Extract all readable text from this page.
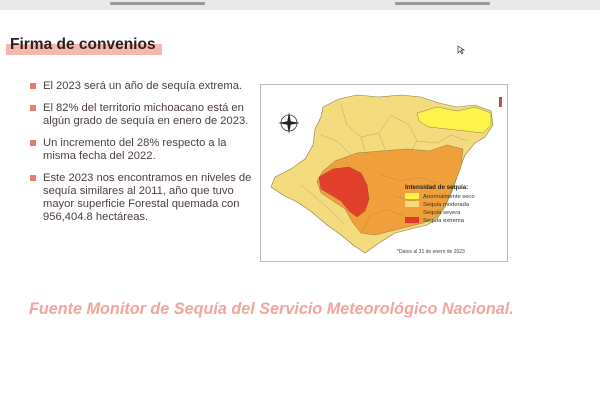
Firma de convenios
El 2023 será un año de sequía extrema.
El 82% del territorio michoacano está en algún grado de sequía en enero de 2023.
Un incremento del 28% respecto a la misma fecha del 2022.
Este 2023 nos encontramos en niveles de sequía similares al 2011, año que tuvo mayor superficie Forestal quemada con 956,404.8 hectáreas.
Intensidad de sequía:
Anormalmente seco
Sequía moderada
Sequía severa
Sequía extrema
*Datos al 31 de enero de 2023
Fuente Monitor de Sequía del Servicio Meteorológico Nacional.
